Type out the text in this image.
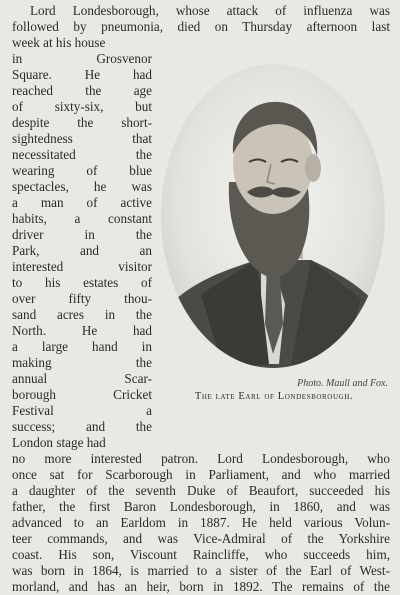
Lord Londesborough, whose attack of influenza was

followed by pneumonia, died on Thursday afternoon last

week at his house

in Grosvenor

Square. He had

reached the age

of sixty-six, but

despite the short-

sightedness that

necessitated the

wearing of blue

spectacles, he was

a man of active

habits, a constant

driver in the

Park, and an

interested visitor

to his estates of

over fifty thou-

sand acres in the

North. He had

a large hand in

making the

annual Scar-

borough Cricket

Festival a

success; and the

London stage had

no more interested patron. Lord Londesborough, who

once sat for Scarborough in Parliament, and who married

a daughter of the seventh Duke of Beaufort, succeeded his

father, the first Baron Londesborough, in 1860, and was

advanced to an Earldom in 1887. He held various Volun-

teer commands, and was Vice-Admiral of the Yorkshire

coast. His son, Viscount Raincliffe, who succeeds him,

was born in 1864, is married to a sister of the Earl of West-

morland, and has an heir, born in 1892. The remains of the

Photo. Maull and Fox.
The late Earl of Londesborough.
